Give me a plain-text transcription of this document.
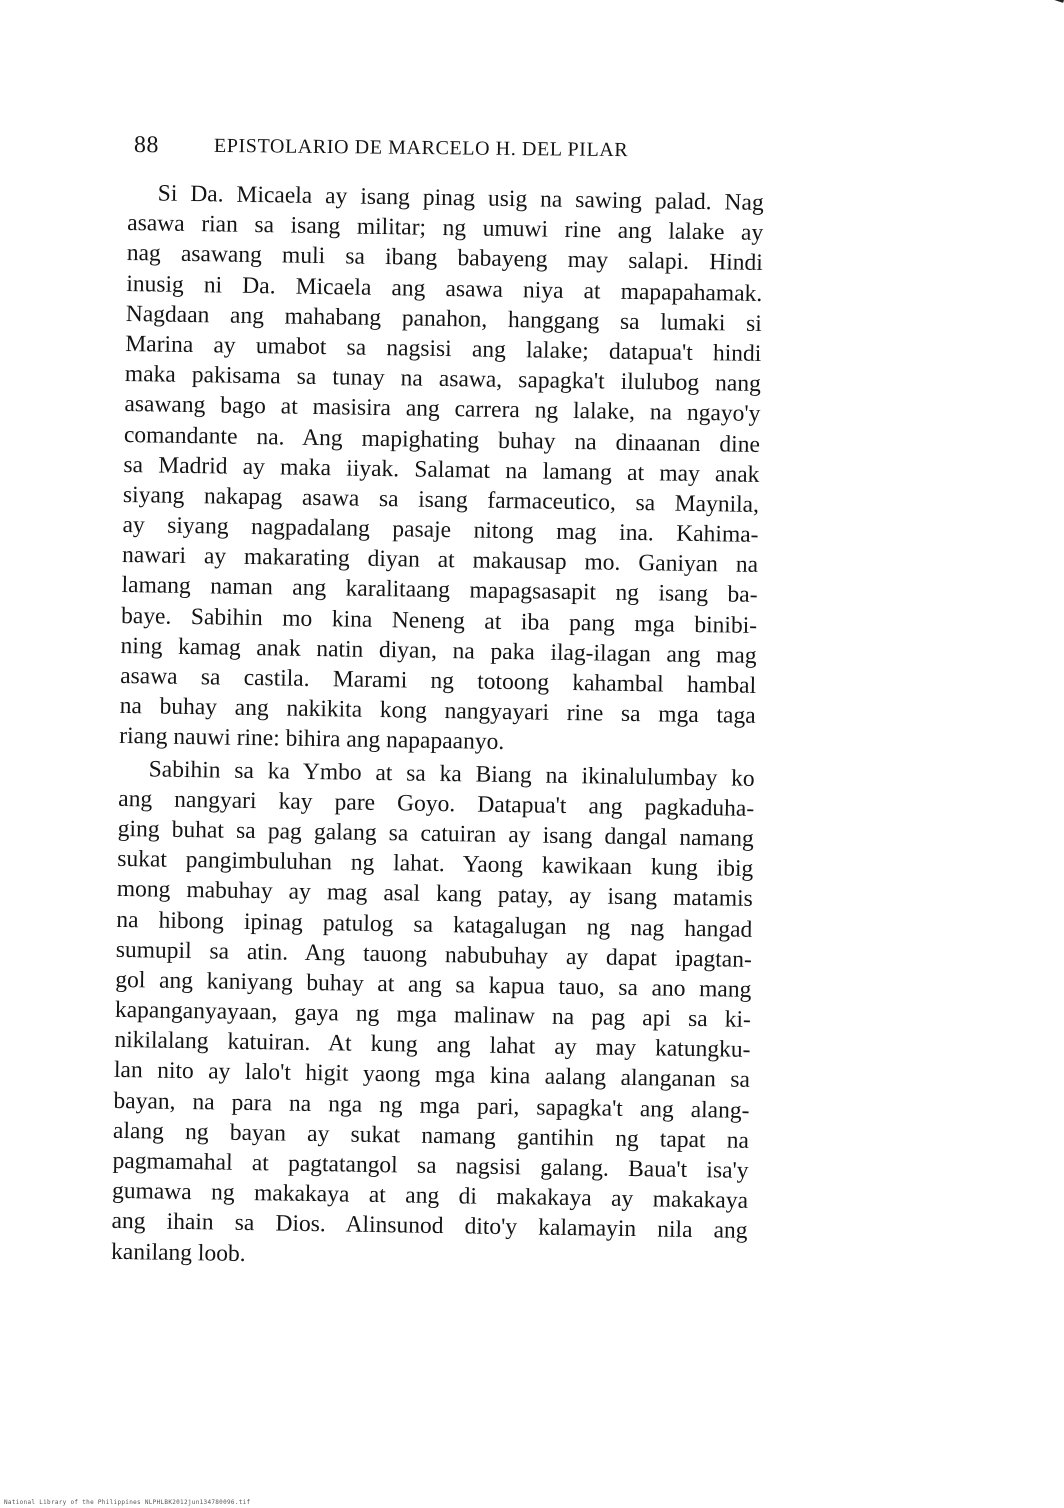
88	EPISTOLARIO DE MARCELO H. DEL PILAR
Si Da. Micaela ay isang pinag usig na sawing palad. Nag
asawa rian sa isang militar; ng umuwi rine ang lalake ay
nag asawang muli sa ibang babayeng may salapi. Hindi
inusig ni Da. Micaela ang asawa niya at mapapahamak.
Nagdaan ang mahabang panahon, hanggang sa lumaki si
Marina ay umabot sa nagsisi ang lalake; datapua't hindi
maka pakisama sa tunay na asawa, sapagka't ilulubog nang
asawang bago at masisira ang carrera ng lalake, na ngayo'y
comandante na. Ang mapighating buhay na dinaanan dine
sa Madrid ay maka iiyak. Salamat na lamang at may anak
siyang nakapag asawa sa isang farmaceutico, sa Maynila,
ay siyang nagpadalang pasaje nitong mag ina. Kahima-
nawari ay makarating diyan at makausap mo. Ganiyan na
lamang naman ang karalitaang mapagsasapit ng isang ba-
baye. Sabihin mo kina Neneng at iba pang mga binibi-
ning kamag anak natin diyan, na paka ilag-ilagan ang mag
asawa sa castila. Marami ng totoong kahambal hambal
na buhay ang nakikita kong nangyayari rine sa mga taga
riang nauwi rine: bihira ang napapaanyo.
Sabihin sa ka Ymbo at sa ka Biang na ikinalulumbay ko
ang nangyari kay pare Goyo. Datapua't ang pagkaduha-
ging buhat sa pag galang sa catuiran ay isang dangal namang
sukat pangimbuluhan ng lahat. Yaong kawikaan kung ibig
mong mabuhay ay mag asal kang patay, ay isang matamis
na hibong ipinag patulog sa katagalugan ng nag hangad
sumupil sa atin. Ang tauong nabubuhay ay dapat ipagtan-
gol ang kaniyang buhay at ang sa kapua tauo, sa ano mang
kapanganyayaan, gaya ng mga malinaw na pag api sa ki-
nikilalang katuiran. At kung ang lahat ay may katungku-
lan nito ay lalo't higit yaong mga kina aalang alanganan sa
bayan, na para na nga ng mga pari, sapagka't ang alang-
alang ng bayan ay sukat namang gantihin ng tapat na
pagmamahal at pagtatangol sa nagsisi galang. Baua't isa'y
gumawa ng makakaya at ang di makakaya ay makakaya
ang ihain sa Dios. Alinsunod dito'y kalamayin nila ang
kanilang loob.
National Library of the Philippines NLPHLBK2012jun134780096.tif
